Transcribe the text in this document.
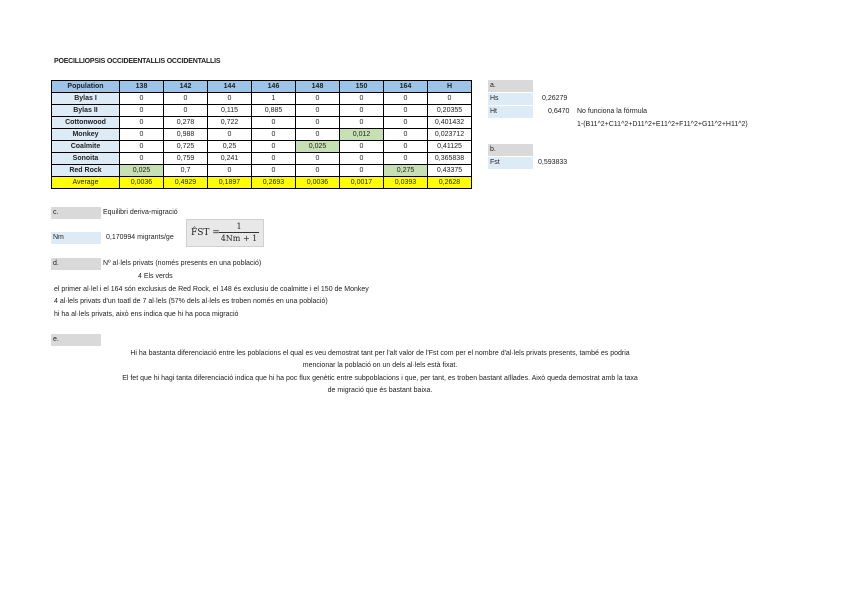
POECILLIOPSIS OCCIDEENTALLIS OCCIDENTALLIS
Population	138	142	144	146	148	150	164	H
Bylas I	0	0	0	1	0	0	0	0
Bylas II	0	0	0,115	0,885	0	0	0	0,20355
Cottonwood	0	0,278	0,722	0	0	0	0	0,401432
Monkey	0	0,988	0	0	0	0,012	0	0,023712
Coalmite	0	0,725	0,25	0	0,025	0	0	0,41125
Sonoita	0	0,759	0,241	0	0	0	0	0,365838
Red Rock	0,025	0,7	0	0	0	0	0,275	0,43375
Average	0,0036	0,4929	0,1897	0,2693	0,0036	0,0017	0,0393	0,2628
a.
Hs	0,26279
Ht	0,6470 No funciona la fórmula
1-(B11^2+C11^2+D11^2+E11^2+F11^2+G11^2+H11^2)
b.
Fst	0,593833
c.	Equilibri deriva-migració
Nm	0,170994 migrants/ge F̂ST = $\frac{1}{4Nm + 1}$
d.	Nº al·lels privats (només presents en una població)
4 Els verds
el primer al·lel i el 164 són exclusius de Red Rock, el 148 és exclusiu de coalmitte i el 150 de Monkey
4 al·lels privats d'un toatl de 7 al·lels (57% dels al·lels es troben només en una població)
hi ha al·lels privats, això ens indica que hi ha poca migració
e.
Hi ha bastanta diferenciació entre les poblacions el qual es veu demostrat tant per l'alt valor de l'Fst com per el nombre d'al·lels privats presents, també es podria
mencionar la població on un dels al·lels està fixat.
El fet que hi hagi tanta diferenciació indica que hi ha poc flux genètic entre subpoblacions i que, per tant, es troben bastant aïllades. Això queda demostrat amb la taxa
de migració que és bastant baixa.
